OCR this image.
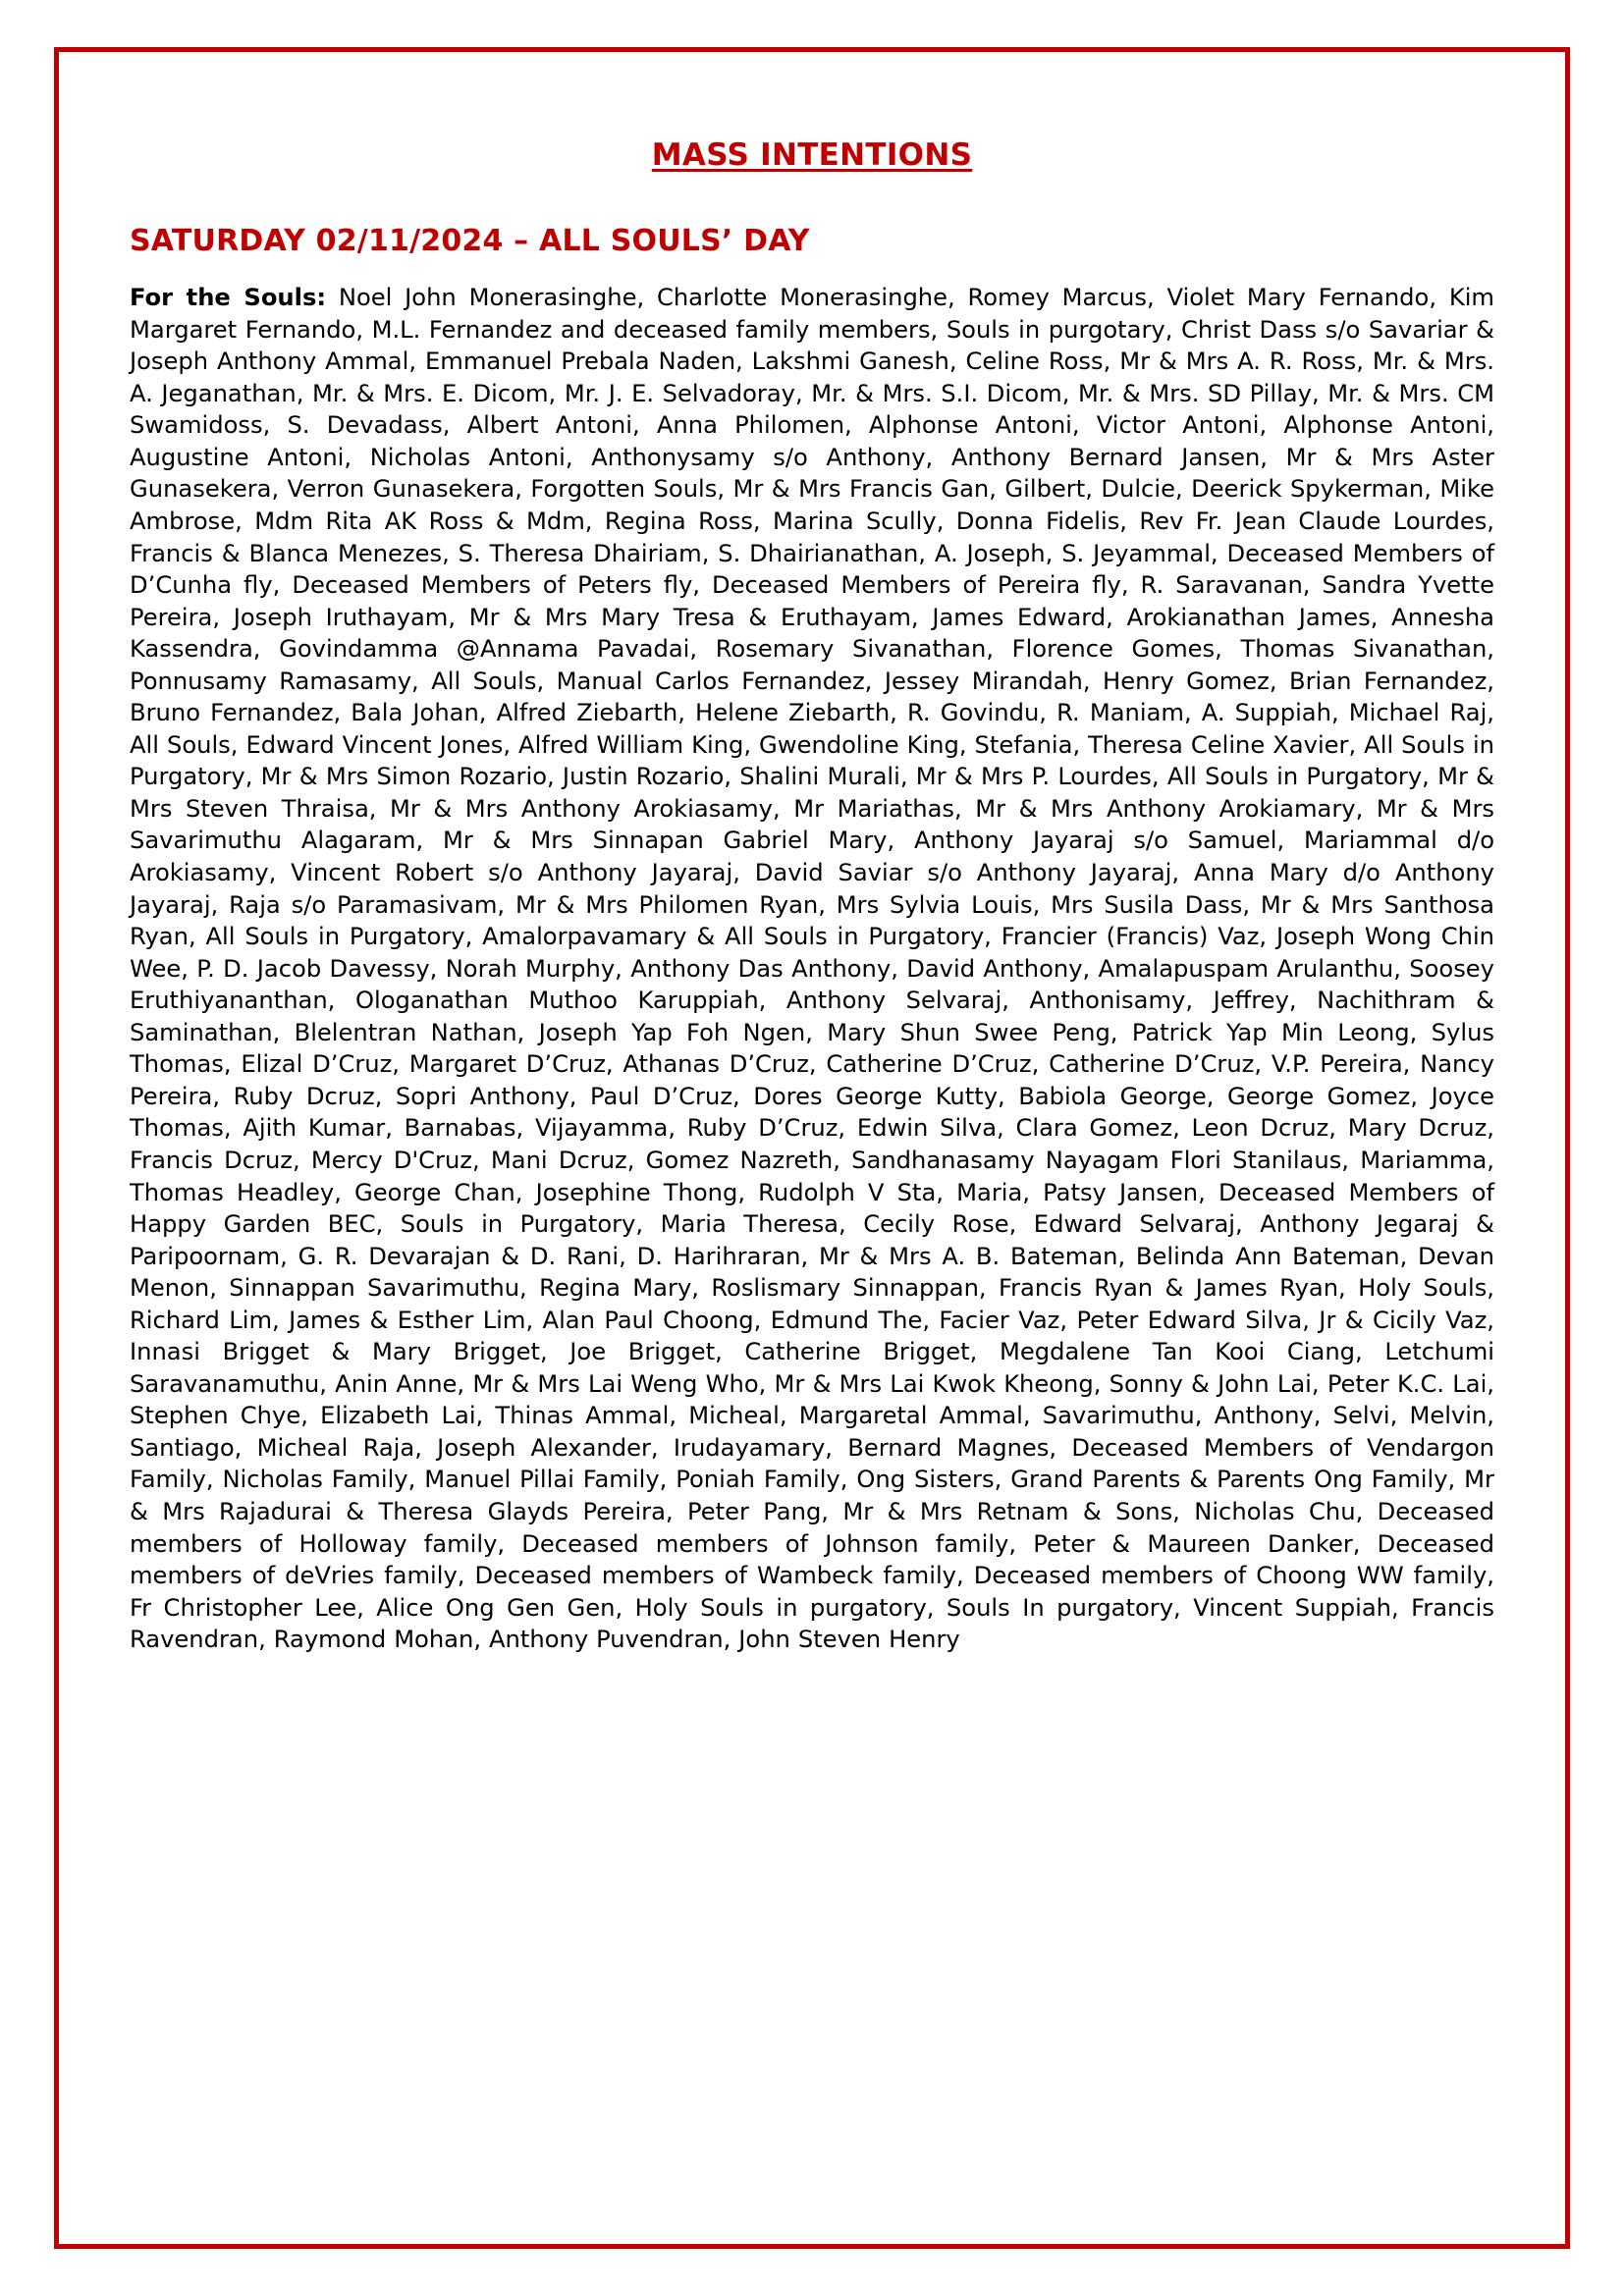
MASS INTENTIONS
SATURDAY 02/11/2024 – ALL SOULS’ DAY

For the Souls: Noel John Monerasinghe, Charlotte Monerasinghe, Romey Marcus, Violet Mary Fernando, Kim Margaret Fernando, M.L. Fernandez and deceased family members, Souls in purgotary, Christ Dass s/o Savariar & Joseph Anthony Ammal, Emmanuel Prebala Naden, Lakshmi Ganesh, Celine Ross, Mr & Mrs A. R. Ross, Mr. & Mrs. A. Jeganathan, Mr. & Mrs. E. Dicom, Mr. J. E. Selvadoray, Mr. & Mrs. S.I. Dicom, Mr. & Mrs. SD Pillay, Mr. & Mrs. CM Swamidoss, S. Devadass, Albert Antoni, Anna Philomen, Alphonse Antoni, Victor Antoni, Alphonse Antoni, Augustine Antoni, Nicholas Antoni, Anthonysamy s/o Anthony, Anthony Bernard Jansen, Mr & Mrs Aster Gunasekera, Verron Gunasekera, Forgotten Souls, Mr & Mrs Francis Gan, Gilbert, Dulcie, Deerick Spykerman, Mike Ambrose, Mdm Rita AK Ross & Mdm, Regina Ross, Marina Scully, Donna Fidelis, Rev Fr. Jean Claude Lourdes, Francis & Blanca Menezes, S. Theresa Dhairiam, S. Dhairianathan, A. Joseph, S. Jeyammal, Deceased Members of D’Cunha fly, Deceased Members of Peters fly, Deceased Members of Pereira fly, R. Saravanan, Sandra Yvette Pereira, Joseph Iruthayam, Mr & Mrs Mary Tresa & Eruthayam, James Edward, Arokianathan James, Annesha Kassendra, Govindamma @Annama Pavadai, Rosemary Sivanathan, Florence Gomes, Thomas Sivanathan, Ponnusamy Ramasamy, All Souls, Manual Carlos Fernandez, Jessey Mirandah, Henry Gomez, Brian Fernandez, Bruno Fernandez, Bala Johan, Alfred Ziebarth, Helene Ziebarth, R. Govindu, R. Maniam, A. Suppiah, Michael Raj, All Souls, Edward Vincent Jones, Alfred William King, Gwendoline King, Stefania, Theresa Celine Xavier, All Souls in Purgatory, Mr & Mrs Simon Rozario, Justin Rozario, Shalini Murali, Mr & Mrs P. Lourdes, All Souls in Purgatory, Mr & Mrs Steven Thraisa, Mr & Mrs Anthony Arokiasamy, Mr Mariathas, Mr & Mrs Anthony Arokiamary, Mr & Mrs Savarimuthu Alagaram, Mr & Mrs Sinnapan Gabriel Mary, Anthony Jayaraj s/o Samuel, Mariammal d/o Arokiasamy, Vincent Robert s/o Anthony Jayaraj, David Saviar s/o Anthony Jayaraj, Anna Mary d/o Anthony Jayaraj, Raja s/o Paramasivam, Mr & Mrs Philomen Ryan, Mrs Sylvia Louis, Mrs Susila Dass, Mr & Mrs Santhosa Ryan, All Souls in Purgatory, Amalorpavamary & All Souls in Purgatory, Francier (Francis) Vaz, Joseph Wong Chin Wee, P. D. Jacob Davessy, Norah Murphy, Anthony Das Anthony, David Anthony, Amalapuspam Arulanthu, Soosey Eruthiyananthan, Ologanathan Muthoo Karuppiah, Anthony Selvaraj, Anthonisamy, Jeffrey, Nachithram & Saminathan, Blelentran Nathan, Joseph Yap Foh Ngen, Mary Shun Swee Peng, Patrick Yap Min Leong, Sylus Thomas, Elizal D’Cruz, Margaret D’Cruz, Athanas D’Cruz, Catherine D’Cruz, Catherine D’Cruz, V.P. Pereira, Nancy Pereira, Ruby Dcruz, Sopri Anthony, Paul D’Cruz, Dores George Kutty, Babiola George, George Gomez, Joyce Thomas, Ajith Kumar, Barnabas, Vijayamma, Ruby D’Cruz, Edwin Silva, Clara Gomez, Leon Dcruz, Mary Dcruz, Francis Dcruz, Mercy D'Cruz, Mani Dcruz, Gomez Nazreth, Sandhanasamy Nayagam Flori Stanilaus, Mariamma, Thomas Headley, George Chan, Josephine Thong, Rudolph V Sta, Maria, Patsy Jansen, Deceased Members of Happy Garden BEC, Souls in Purgatory, Maria Theresa, Cecily Rose, Edward Selvaraj, Anthony Jegaraj & Paripoornam, G. R. Devarajan & D. Rani, D. Harihraran, Mr & Mrs A. B. Bateman, Belinda Ann Bateman, Devan Menon, Sinnappan Savarimuthu, Regina Mary, Roslismary Sinnappan, Francis Ryan & James Ryan, Holy Souls, Richard Lim, James & Esther Lim, Alan Paul Choong, Edmund The, Facier Vaz, Peter Edward Silva, Jr & Cicily Vaz, Innasi Brigget & Mary Brigget, Joe Brigget, Catherine Brigget, Megdalene Tan Kooi Ciang, Letchumi Saravanamuthu, Anin Anne, Mr & Mrs Lai Weng Who, Mr & Mrs Lai Kwok Kheong, Sonny & John Lai, Peter K.C. Lai, Stephen Chye, Elizabeth Lai, Thinas Ammal, Micheal, Margaretal Ammal, Savarimuthu, Anthony, Selvi, Melvin, Santiago, Micheal Raja, Joseph Alexander, Irudayamary, Bernard Magnes, Deceased Members of Vendargon Family, Nicholas Family, Manuel Pillai Family, Poniah Family, Ong Sisters, Grand Parents & Parents Ong Family, Mr & Mrs Rajadurai & Theresa Glayds Pereira, Peter Pang, Mr & Mrs Retnam & Sons, Nicholas Chu, Deceased members of Holloway family, Deceased members of Johnson family, Peter & Maureen Danker, Deceased members of deVries family, Deceased members of Wambeck family, Deceased members of Choong WW family, Fr Christopher Lee, Alice Ong Gen Gen, Holy Souls in purgatory, Souls In purgatory, Vincent Suppiah, Francis Ravendran, Raymond Mohan, Anthony Puvendran, John Steven Henry
